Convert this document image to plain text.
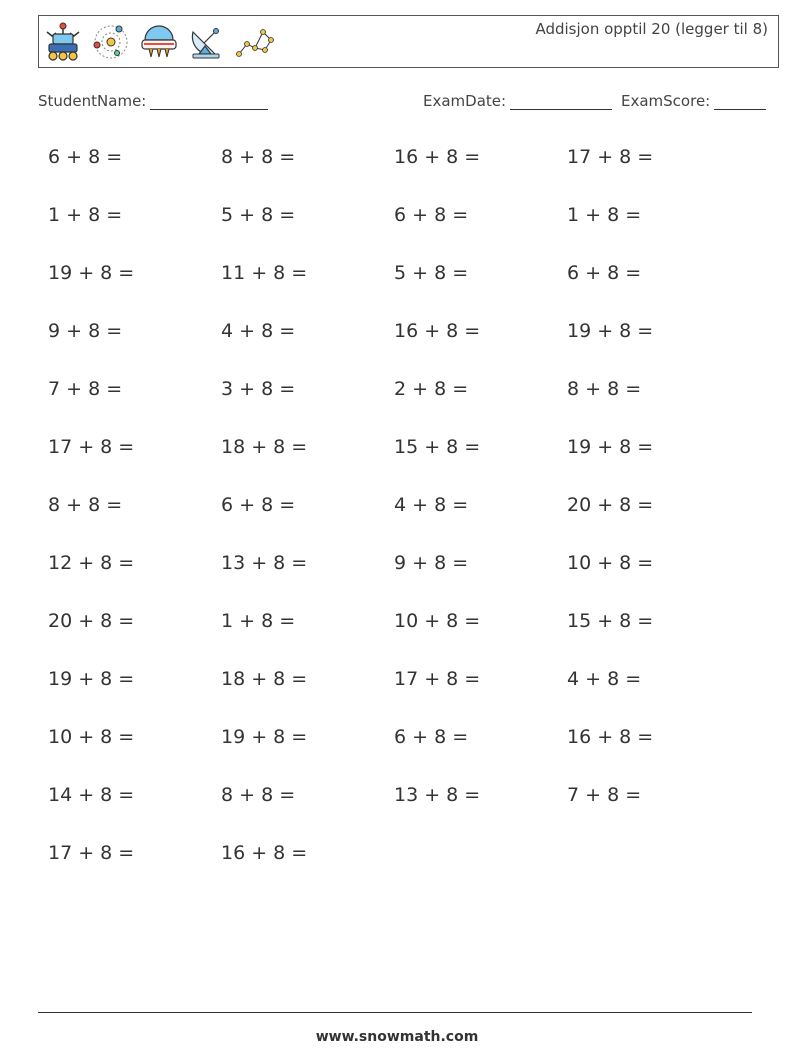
Addisjon opptil 20 (legger til 8)
StudentName:	ExamDate:	ExamScore:
6 + 8 =	8 + 8 =	16 + 8 =	17 + 8 =
1 + 8 =	5 + 8 =	6 + 8 =	1 + 8 =
19 + 8 =	11 + 8 =	5 + 8 =	6 + 8 =
9 + 8 =	4 + 8 =	16 + 8 =	19 + 8 =
7 + 8 =	3 + 8 =	2 + 8 =	8 + 8 =
17 + 8 =	18 + 8 =	15 + 8 =	19 + 8 =
8 + 8 =	6 + 8 =	4 + 8 =	20 + 8 =
12 + 8 =	13 + 8 =	9 + 8 =	10 + 8 =
20 + 8 =	1 + 8 =	10 + 8 =	15 + 8 =
19 + 8 =	18 + 8 =	17 + 8 =	4 + 8 =
10 + 8 =	19 + 8 =	6 + 8 =	16 + 8 =
14 + 8 =	8 + 8 =	13 + 8 =	7 + 8 =
17 + 8 =	16 + 8 =
www.snowmath.com
